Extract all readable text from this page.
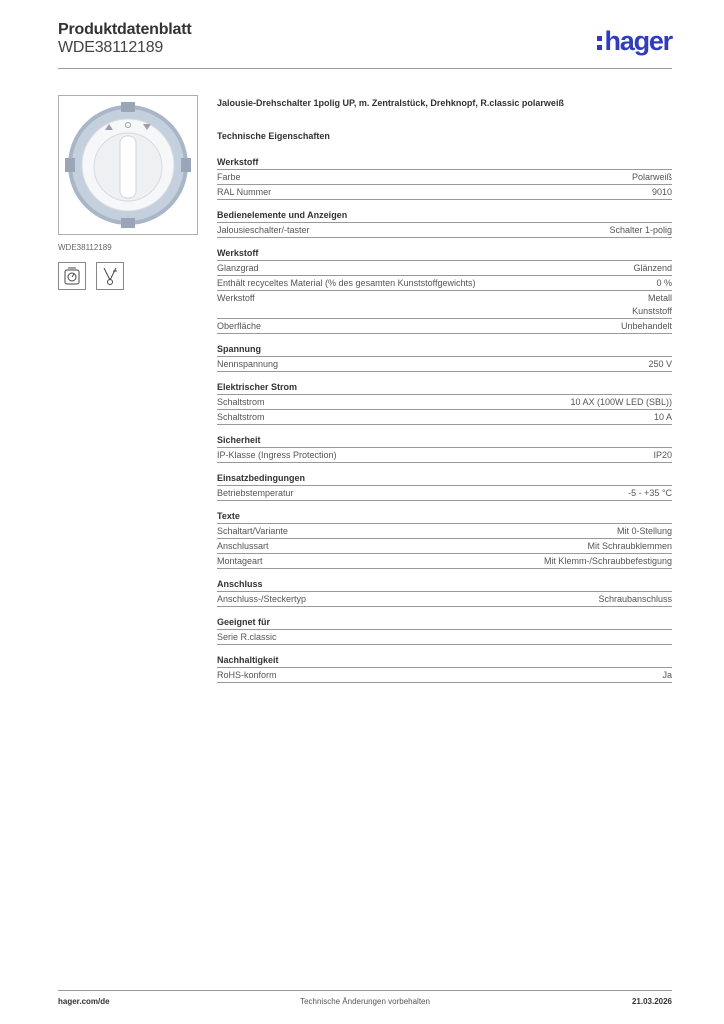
Produktdatenblatt
WDE38112189	hager
WDE38112189
Jalousie-Drehschalter 1polig UP, m. Zentralstück, Drehknopf, R.classic polarweiß
Technische Eigenschaften
Werkstoff
Farbe	Polarweiß
RAL Nummer	9010
Bedienelemente und Anzeigen
Jalousieschalter/-taster	Schalter 1-polig
Werkstoff
Glanzgrad	Glänzend
Enthält recyceltes Material (% des gesamten Kunststoffgewichts)	0 %
Werkstoff	Metall
Kunststoff
Oberfläche	Unbehandelt
Spannung
Nennspannung	250 V
Elektrischer Strom
Schaltstrom	10 AX (100W LED (SBL))
Schaltstrom	10 A
Sicherheit
IP-Klasse (Ingress Protection)	IP20
Einsatzbedingungen
Betriebstemperatur	-5 - +35 °C
Texte
Schaltart/Variante	Mit 0-Stellung
Anschlussart	Mit Schraubklemmen
Montageart	Mit Klemm-/Schraubbefestigung
Anschluss
Anschluss-/Steckertyp	Schraubanschluss
Geeignet für
Serie R.classic
Nachhaltigkeit
RoHS-konform	Ja
hager.com/de	Technische Änderungen vorbehalten	21.03.2026
